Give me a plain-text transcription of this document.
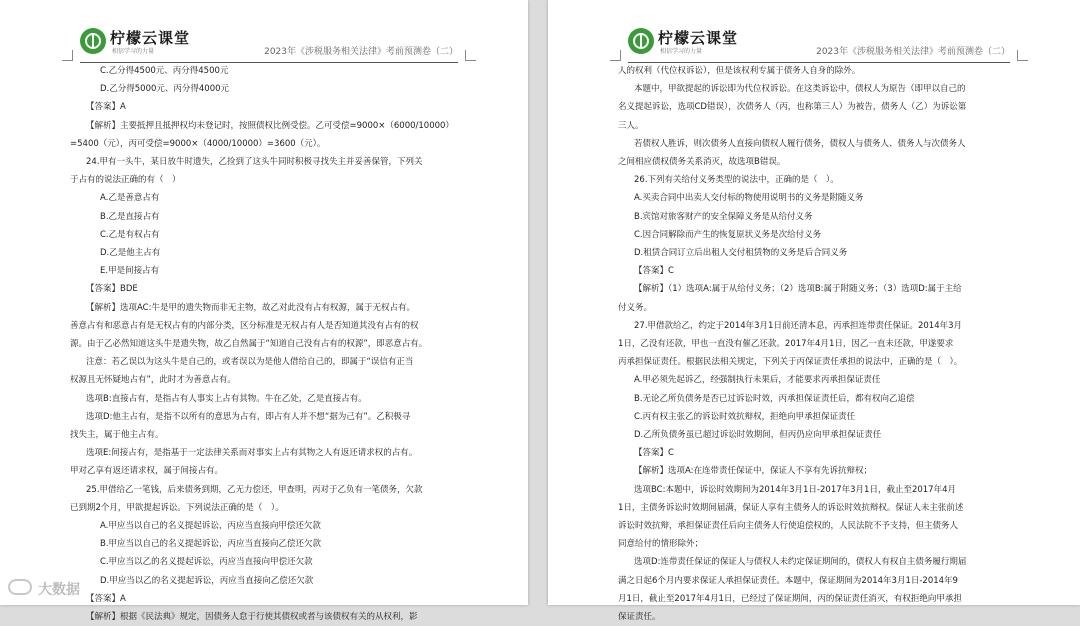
柠檬云课堂
相信学习的力量	2023年《涉税服务相关法律》考前预测卷（二）
C.乙分得4500元、丙分得4500元
D.乙分得5000元、丙分得4000元
【答案】A
【解析】主要抵押且抵押权均未登记时，按照债权比例受偿。乙可受偿=9000×（6000/10000）
=5400（元），丙可受偿=9000×（4000/10000）=3600（元）。
24.甲有一头牛，某日放牛时遗失，乙捡到了这头牛同时积极寻找失主并妥善保管，下列关
于占有的说法正确的有（　）
A.乙是善意占有
B.乙是直接占有
C.乙是有权占有
D.乙是他主占有
E.甲是间接占有
【答案】BDE
【解析】选项AC:牛是甲的遗失物而非无主物，故乙对此没有占有权源，属于无权占有。
善意占有和恶意占有是无权占有的内部分类，区分标准是无权占有人是否知道其没有占有的权
源。由于乙必然知道这头牛是遗失物，故乙自然属于“知道自己没有占有的权源”，即恶意占有。
注意：若乙误以为这头牛是自己的，或者误以为是他人借给自己的，即属于“误信有正当
权源且无怀疑地占有”，此时才为善意占有。
选项B:直接占有，是指占有人事实上占有其物。牛在乙处，乙是直接占有。
选项D:他主占有，是指不以所有的意思为占有，即占有人并不想“据为己有”。乙积极寻
找失主，属于他主占有。
选项E:间接占有，是指基于一定法律关系而对事实上占有其物之人有返还请求权的占有。
甲对乙享有返还请求权，属于间接占有。
25.甲借给乙一笔钱，后来债务到期，乙无力偿还，甲查明，丙对于乙负有一笔债务，欠款
已到期2个月，甲欲提起诉讼。下列说法正确的是（　）。
A.甲应当以自己的名义提起诉讼，丙应当直接向甲偿还欠款
B.甲应当以自己的名义提起诉讼，丙应当直接向乙偿还欠款
C.甲应当以乙的名义提起诉讼，丙应当直接向甲偿还欠款
D.甲应当以乙的名义提起诉讼，丙应当直接向乙偿还欠款
【答案】A
【解析】根据《民法典》规定，因债务人怠于行使其债权或者与该债权有关的从权利，影
柠檬云课堂
相信学习的力量	2023年《涉税服务相关法律》考前预测卷（二）
人的权利（代位权诉讼），但是该权利专属于债务人自身的除外。
本题中，甲欲提起的诉讼即为代位权诉讼。在这类诉讼中，债权人为原告（即甲以自己的
名义提起诉讼，选项CD错误），次债务人（丙，也称第三人）为被告，债务人（乙）为诉讼第
三人。
若债权人胜诉，则次债务人直接向债权人履行债务，债权人与债务人、债务人与次债务人
之间相应债权债务关系消灭，故选项B错误。
26.下列有关给付义务类型的说法中，正确的是（　）。
A.买卖合同中出卖人交付标的物使用说明书的义务是附随义务
B.宾馆对旅客财产的安全保障义务是从给付义务
C.因合同解除而产生的恢复原状义务是次给付义务
D.租赁合同订立后出租人交付租赁物的义务是后合同义务
【答案】C
【解析】（1）选项A:属于从给付义务；（2）选项B:属于附随义务；（3）选项D:属于主给
付义务。
27.甲借款给乙，约定于2014年3月1日前还清本息，丙承担连带责任保证。2014年3月
1日，乙没有还款，甲也一直没有催乙还款。2017年4月1日，因乙一直未还款，甲遂要求
丙承担保证责任。根据民法相关规定，下列关于丙保证责任承担的说法中，正确的是（　）。
A.甲必须先起诉乙，经强制执行未果后，才能要求丙承担保证责任
B.无论乙所负债务是否已过诉讼时效，丙承担保证责任后，都有权向乙追偿
C.丙有权主张乙的诉讼时效抗辩权，拒绝向甲承担保证责任
D.乙所负债务虽已超过诉讼时效期间，但丙仍应向甲承担保证责任
【答案】C
【解析】选项A:在连带责任保证中，保证人不享有先诉抗辩权；
选项BC:本题中，诉讼时效期间为2014年3月1日-2017年3月1日，截止至2017年4月
1日，主债务诉讼时效期间届满，保证人享有主债务人的诉讼时效抗辩权。保证人未主张前述
诉讼时效抗辩，承担保证责任后向主债务人行使追偿权的，人民法院不予支持，但主债务人
同意给付的情形除外；
选项D:连带责任保证的保证人与债权人未约定保证期间的，债权人有权自主债务履行期届
满之日起6个月内要求保证人承担保证责任。本题中，保证期间为2014年3月1日-2014年9
月1日，截止至2017年4月1日，已经过了保证期间，丙的保证责任消灭，有权拒绝向甲承担
保证责任。
大数据
